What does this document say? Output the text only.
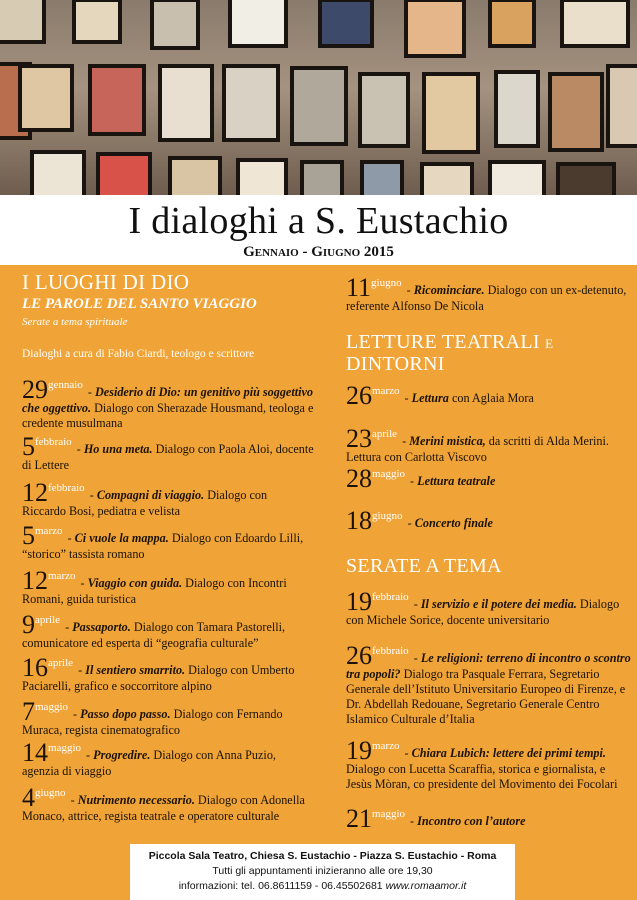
I dialoghi a S. Eustachio
Gennaio - Giugno 2015
I LUOGHI DI DIO
LE PAROLE DEL SANTO VIAGGIO
Serate a tema spirituale
Dialoghi a cura di Fabio Ciardi, teologo e scrittore
29gennaio - Desiderio di Dio: un genitivo più soggettivo che oggettivo. Dialogo con Sherazade Housmand, teologa e credente musulmana
5febbraio - Ho una meta. Dialogo con Paola Aloi, docente di Lettere
12febbraio - Compagni di viaggio. Dialogo con Riccardo Bosi, pediatra e velista
5marzo - Ci vuole la mappa. Dialogo con Edoardo Lilli, “storico” tassista romano
12marzo - Viaggio con guida. Dialogo con Incontri Romani, guida turistica
9aprile - Passaporto. Dialogo con Tamara Pastorelli, comunicatore ed esperta di “geografia culturale”
16aprile - Il sentiero smarrito. Dialogo con Umberto Paciarelli, grafico e soccorritore alpino
7maggio - Passo dopo passo. Dialogo con Fernando Muraca, regista cinematografico
14maggio - Progredire. Dialogo con Anna Puzio, agenzia di viaggio
4giugno - Nutrimento necessario. Dialogo con Adonella Monaco, attrice, regista teatrale e operatore culturale
11giugno - Ricominciare. Dialogo con un ex-detenuto, referente Alfonso De Nicola
LETTURE TEATRALI E
DINTORNI
26marzo - Lettura con Aglaia Mora
23aprile - Merini mistica, da scritti di Alda Merini. Lettura con Carlotta Viscovo
28maggio - Lettura teatrale
18giugno - Concerto finale
SERATE A TEMA
19febbraio - Il servizio e il potere dei media. Dialogo con Michele Sorice, docente universitario
26febbraio - Le religioni: terreno di incontro o scontro tra popoli? Dialogo tra Pasquale Ferrara, Segretario Generale dell’Istituto Universitario Europeo di Firenze, e Dr. Abdellah Redouane, Segretario Generale Centro Islamico Culturale d’Italia
19marzo - Chiara Lubich: lettere dei primi tempi. Dialogo con Lucetta Scaraffia, storica e giornalista, e Jesùs Mòran, co presidente del Movimento dei Focolari
21maggio - Incontro con l’autore
Piccola Sala Teatro, Chiesa S. Eustachio - Piazza S. Eustachio - Roma
Tutti gli appuntamenti inizieranno alle ore 19,30
informazioni: tel. 06.8611159 - 06.45502681 www.romaamor.it
